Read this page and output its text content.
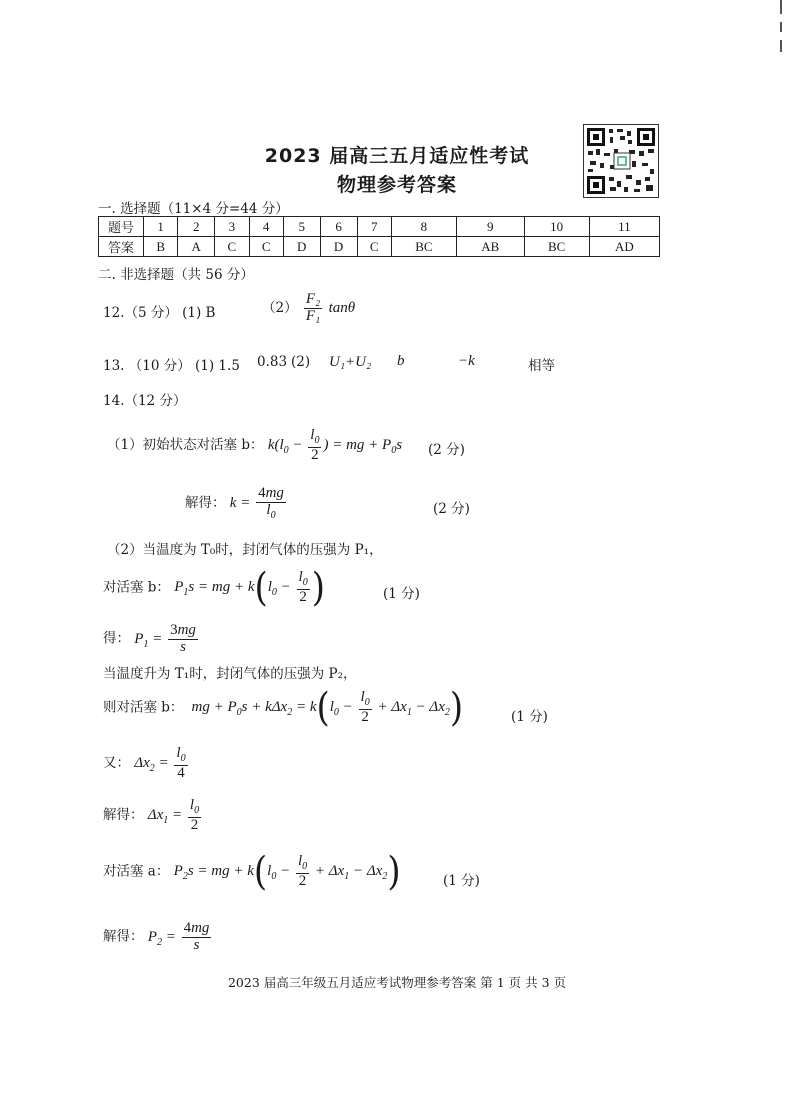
2023 届高三五月适应性考试
物理参考答案
一. 选择题（11×4 分=44 分）
题号	1	2	3	4	5	6	7	8	9	10	11
答案	B	A	C	C	D	D	C	BC	AB	BC	AD
二. 非选择题（共 56 分）
12.（5 分） (1) B	$(2) \frac{\text{F₂}}{\text{F₁}}$ tanθ
13. （10 分） (1) 1.5 0.83 (2) U₁+U₂ b	−k	相等
14.（12 分）
（1）初始状态对活塞 b： $k(l_0 - \frac{l_0}{2}$ ) = mg + $P_0s$ (2 分)
解得： $k = \frac{4mg}{l_0}$	(2 分)
（2）当温度为 T₀时，封闭气体的压强为 P₁，
对活塞 b： $P_1s$ = mg + $k(l_0 - \frac{l_0}{2}$ )	(1 分)
得： $P_1 = \frac{3mg}{s}$
当温度升为 T₁时，封闭气体的压强为 P₂，
则对活塞 b：  mg + $P_0s + k\Delta x_2 = k(l_0 - \frac{l_0}{2} + \Delta x_1 - \Delta x_2)$	(1 分)
又： $\Delta x_2 = \frac{l_0}{4}$
解得： $\Delta x_1 = \frac{l_0}{2}$
对活塞 a： $P_2s$ = mg + $k(l_0 - \frac{l_0}{2} + \Delta x_1 - \Delta x_2)$	(1 分)
解得： $P_2 = \frac{4mg}{s}$
2023 届高三年级五月适应考试物理参考答案 第 1 页 共 3 页
